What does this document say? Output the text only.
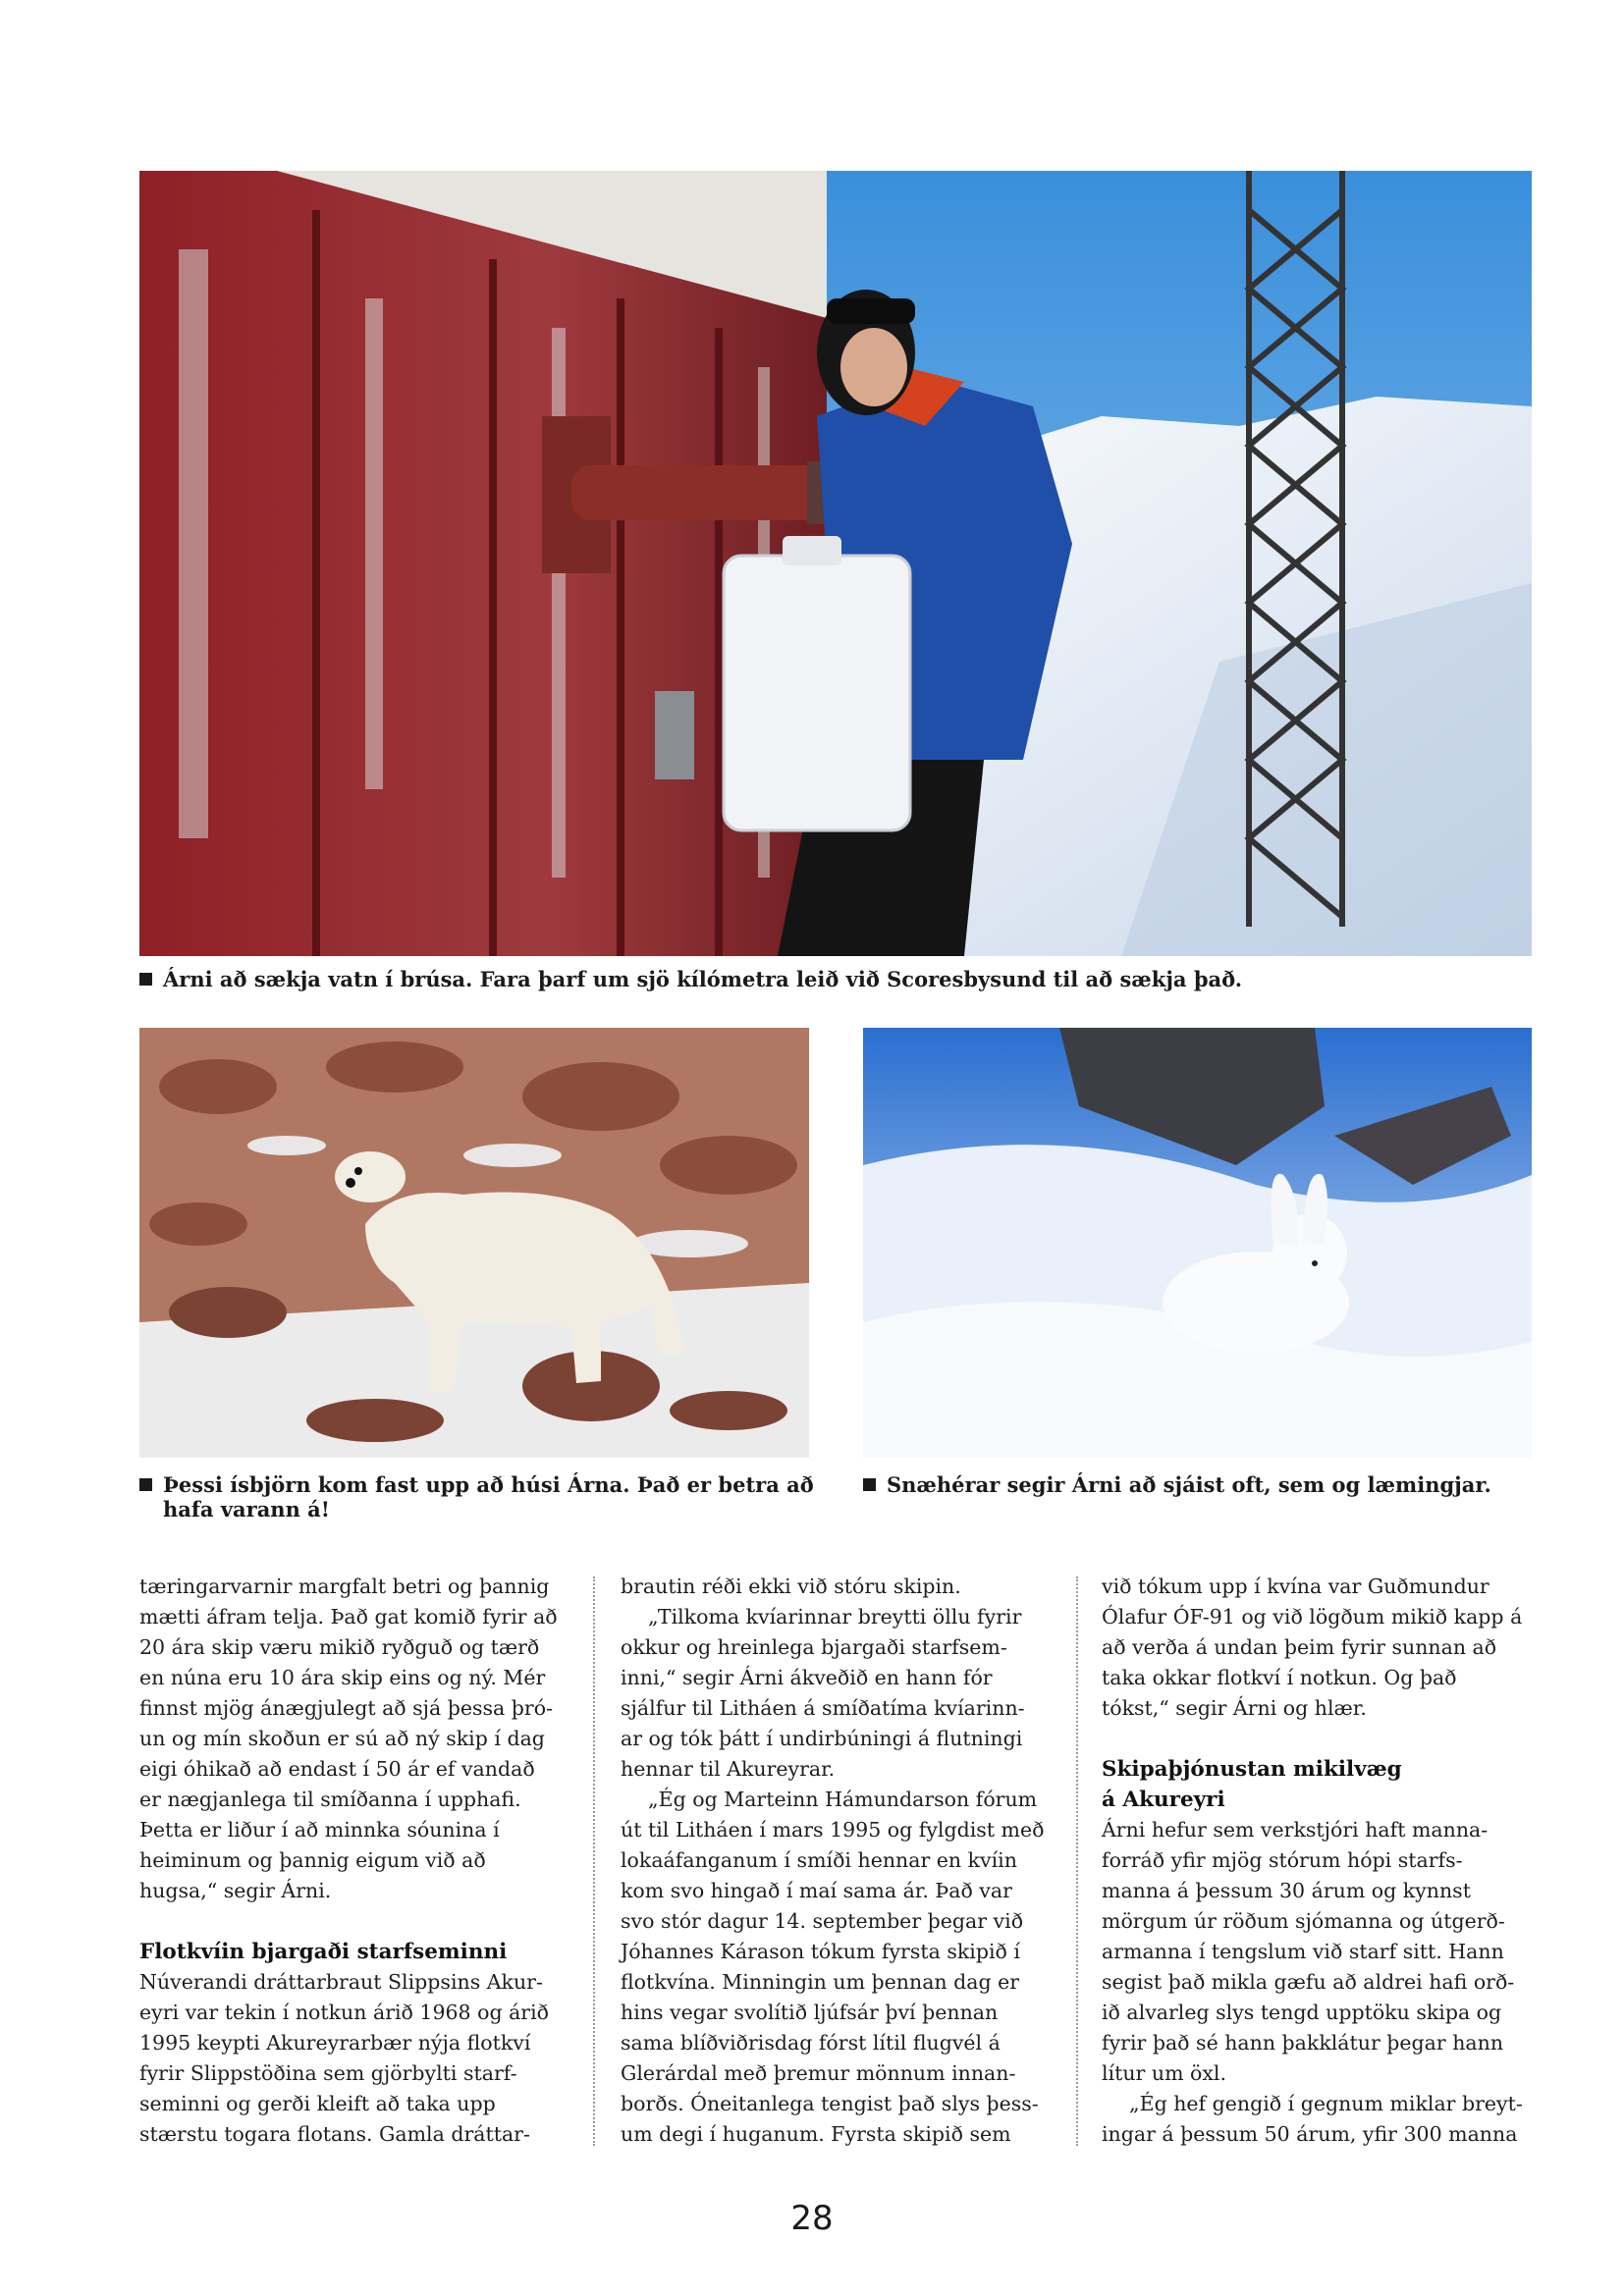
Árni að sækja vatn í brúsa. Fara þarf um sjö kílómetra leið við Scoresbysund til að sækja það.
Þessi ísbjörn kom fast upp að húsi Árna. Það er betra að
hafa varann á!
Snæhérar segir Árni að sjáist oft, sem og læmingjar.

tæringarvarnir margfalt betri og þannig

mætti áfram telja. Það gat komið fyrir að

20 ára skip væru mikið ryðguð og tærð

en núna eru 10 ára skip eins og ný. Mér

finnst mjög ánægjulegt að sjá þessa þró-

un og mín skoðun er sú að ný skip í dag

eigi óhikað að endast í 50 ár ef vandað

er nægjanlega til smíðanna í upphafi.

Þetta er liður í að minnka sóunina í

heiminum og þannig eigum við að

hugsa,“ segir Árni.

Flotkvíin bjargaði starfseminni

Núverandi dráttarbraut Slippsins Akur-

eyri var tekin í notkun árið 1968 og árið

1995 keypti Akureyrarbær nýja flotkví

fyrir Slippstöðina sem gjörbylti starf-

seminni og gerði kleift að taka upp

stærstu togara flotans. Gamla dráttar-

brautin réði ekki við stóru skipin.

„Tilkoma kvíarinnar breytti öllu fyrir

okkur og hreinlega bjargaði starfsem-

inni,“ segir Árni ákveðið en hann fór

sjálfur til Litháen á smíðatíma kvíarinn-

ar og tók þátt í undirbúningi á flutningi

hennar til Akureyrar.

„Ég og Marteinn Hámundarson fórum

út til Litháen í mars 1995 og fylgdist með

lokaáfanganum í smíði hennar en kvíin

kom svo hingað í maí sama ár. Það var

svo stór dagur 14. september þegar við

Jóhannes Kárason tókum fyrsta skipið í

flotkvína. Minningin um þennan dag er

hins vegar svolítið ljúfsár því þennan

sama blíðviðrisdag fórst lítil flugvél á

Glerárdal með þremur mönnum innan-

borðs. Óneitanlega tengist það slys þess-

um degi í huganum. Fyrsta skipið sem

við tókum upp í kvína var Guðmundur

Ólafur ÓF-91 og við lögðum mikið kapp á

að verða á undan þeim fyrir sunnan að

taka okkar flotkví í notkun. Og það

tókst,“ segir Árni og hlær.

Skipaþjónustan mikilvæg
á Akureyri

Árni hefur sem verkstjóri haft manna-

forráð yfir mjög stórum hópi starfs-

manna á þessum 30 árum og kynnst

mörgum úr röðum sjómanna og útgerð-

armanna í tengslum við starf sitt. Hann

segist það mikla gæfu að aldrei hafi orð-

ið alvarleg slys tengd upptöku skipa og

fyrir það sé hann þakklátur þegar hann

lítur um öxl.

„Ég hef gengið í gegnum miklar breyt-

ingar á þessum 50 árum, yfir 300 manna

28
